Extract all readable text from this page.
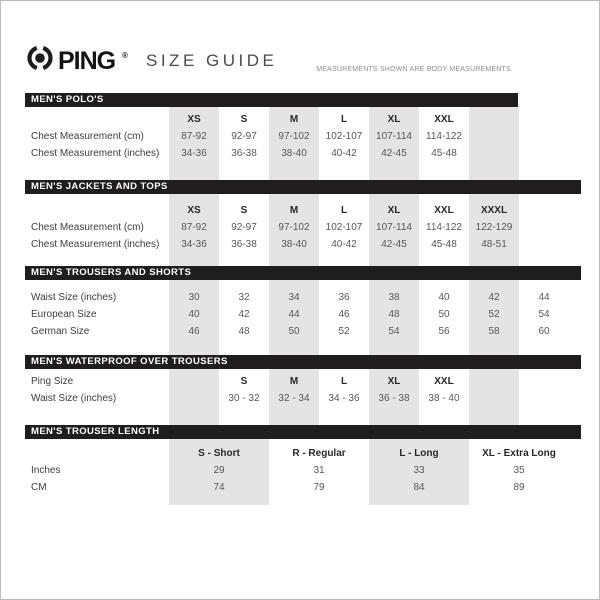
PING ® SIZE GUIDE	MEASUREMENTS SHOWN ARE BODY MEASUREMENTS.
MEN'S POLO'S
XS	S	M	L	XL	XXL
Chest Measurement (cm)	87-92	92-97	97-102	102-107	107-114	114-122
Chest Measurement (inches)	34-36	36-38	38-40	40-42	42-45	45-48
MEN'S JACKETS AND TOPS
XS	S	M	L	XL	XXL	XXXL
Chest Measurement (cm)	87-92	92-97	97-102	102-107	107-114	114-122	122-129
Chest Measurement (inches)	34-36	36-38	38-40	40-42	42-45	45-48	48-51
MEN'S TROUSERS AND SHORTS
Waist Size (inches)	30	32	34	36	38	40	42	44
European Size	40	42	44	46	48	50	52	54
German Size	46	48	50	52	54	56	58	60
MEN'S WATERPROOF OVER TROUSERS
Ping Size	S	M	L	XL	XXL
Waist Size (inches)	30 - 32	32 - 34	34 - 36	36 - 38	38 - 40
MEN'S TROUSER LENGTH
S - Short	R - Regular	L - Long	XL - Extra Long
Inches	29	31	33	35
CM	74	79	84	89
